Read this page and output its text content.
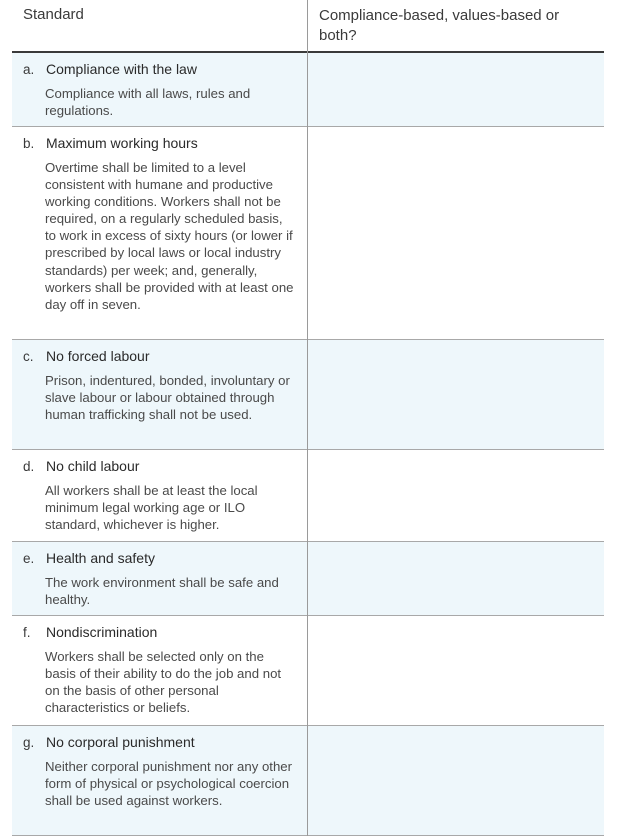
Standard	Compliance-based, values-based or both?
a. Compliance with the law
Compliance with all laws, rules and regulations.
b. Maximum working hours
Overtime shall be limited to a level consistent with humane and productive working conditions. Workers shall not be required, on a regularly scheduled basis, to work in excess of sixty hours (or lower if prescribed by local laws or local industry standards) per week; and, generally, workers shall be provided with at least one day off in seven.
c. No forced labour
Prison, indentured, bonded, involuntary or slave labour or labour obtained through human trafficking shall not be used.
d. No child labour
All workers shall be at least the local minimum legal working age or ILO standard, whichever is higher.
e. Health and safety
The work environment shall be safe and healthy.
f. Nondiscrimination
Workers shall be selected only on the basis of their ability to do the job and not on the basis of other personal characteristics or beliefs.
g. No corporal punishment
Neither corporal punishment nor any other form of physical or psychological coercion shall be used against workers.
